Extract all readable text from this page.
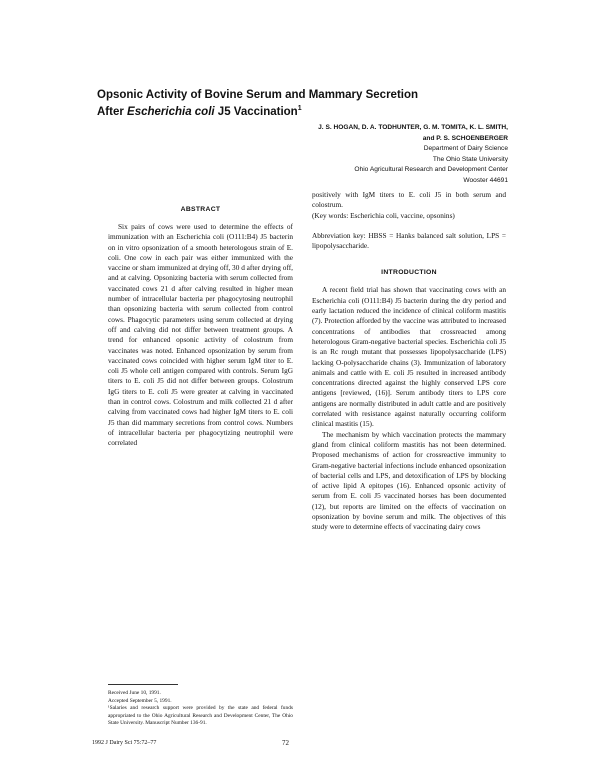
Opsonic Activity of Bovine Serum and Mammary Secretion
After Escherichia coli J5 Vaccination$^1$
J. S. HOGAN, D. A. TODHUNTER, G. M. TOMITA, K. L. SMITH,
and P. S. SCHOENBERGER
Department of Dairy Science
The Ohio State University
Ohio Agricultural Research and Development Center
Wooster 44691
ABSTRACT

Six pairs of cows were used to determine the effects of immunization with an Escherichia coli (O111:B4) J5 bacterin on in vitro opsonization of a smooth heterologous strain of E. coli. One cow in each pair was either immunized with the vaccine or sham immunized at drying off, 30 d after drying off, and at calving. Opsonizing bacteria with serum collected from vaccinated cows 21 d after calving resulted in higher mean number of intracellular bacteria per phagocytosing neutrophil than opsonizing bacteria with serum collected from control cows. Phagocytic parameters using serum collected at drying off and calving did not differ between treatment groups. A trend for enhanced opsonic activity of colostrum from vaccinates was noted. Enhanced opsonization by serum from vaccinated cows coincided with higher serum IgM titer to E. coli J5 whole cell antigen compared with controls. Serum IgG titers to E. coli J5 did not differ between groups. Colostrum IgG titers to E. coli J5 were greater at calving in vaccinated than in control cows. Colostrum and milk collected 21 d after calving from vaccinated cows had higher IgM titers to E. coli J5 than did mammary secretions from control cows. Numbers of intracellular bacteria per phagocytizing neutrophil were correlated

positively with IgM titers to E. coli J5 in both serum and colostrum.

(Key words: Escherichia coli, vaccine, opsonins)

Abbreviation key: HBSS = Hanks balanced salt solution, LPS = lipopolysaccharide.

INTRODUCTION

A recent field trial has shown that vaccinating cows with an Escherichia coli (O111:B4) J5 bacterin during the dry period and early lactation reduced the incidence of clinical coliform mastitis (7). Protection afforded by the vaccine was attributed to increased concentrations of antibodies that crossreacted among heterologous Gram-negative bacterial species. Escherichia coli J5 is an Rc rough mutant that possesses lipopolysaccharide (LPS) lacking O-polysaccharide chains (3). Immunization of laboratory animals and cattle with E. coli J5 resulted in increased antibody concentrations directed against the highly conserved LPS core antigens [reviewed, (16)]. Serum antibody titers to LPS core antigens are normally distributed in adult cattle and are positively correlated with resistance against naturally occurring coliform clinical mastitis (15).

The mechanism by which vaccination protects the mammary gland from clinical coliform mastitis has not been determined. Proposed mechanisms of action for crossreactive immunity to Gram-negative bacterial infections include enhanced opsonization of bacterial cells and LPS, and detoxification of LPS by blocking of active lipid A epitopes (16). Enhanced opsonic activity of serum from E. coli J5 vaccinated horses has been documented (12), but reports are limited on the effects of vaccination on opsonization by bovine serum and milk. The objectives of this study were to determine effects of vaccinating dairy cows

Received June 10, 1991.

Accepted September 5, 1991.

¹Salaries and research support were provided by the state and federal funds appropriated to the Ohio Agricultural Research and Development Center, The Ohio State University. Manuscript Number 136-91.

1992 J Dairy Sci 75:72–77	72
